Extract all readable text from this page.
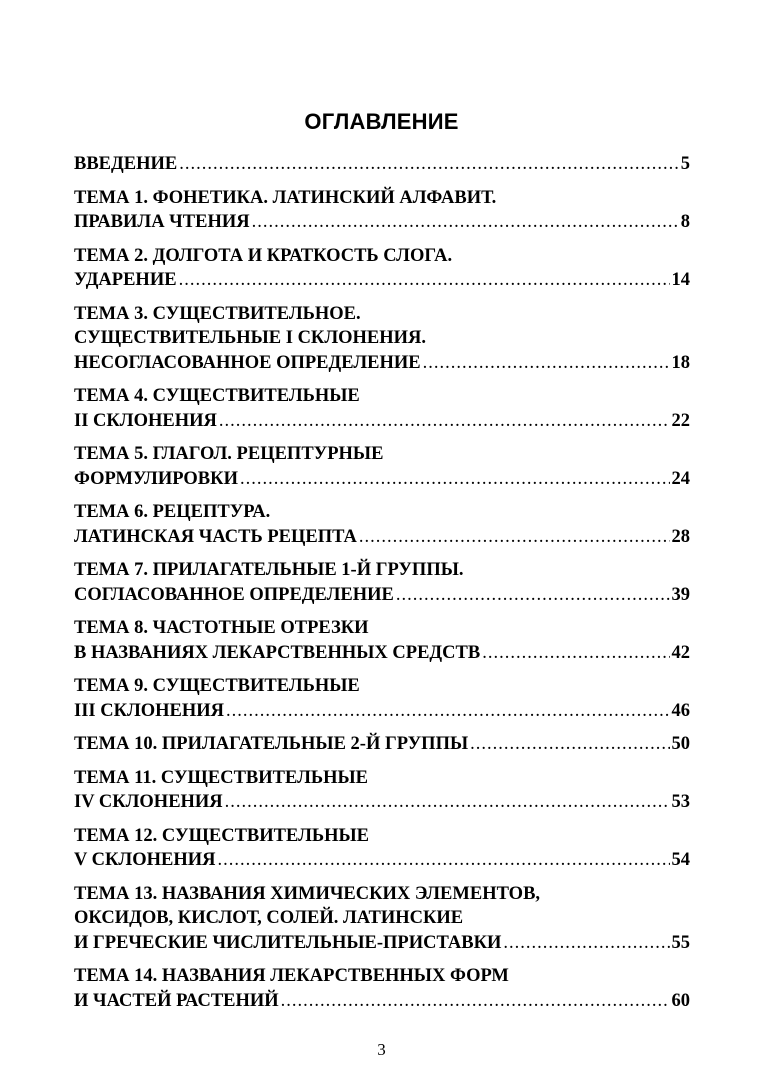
ОГЛАВЛЕНИЕ
ВВЕДЕНИЕ .....	5
ТЕМА 1. ФОНЕТИКА. ЛАТИНСКИЙ АЛФАВИТ.
ПРАВИЛА ЧТЕНИЯ .....	8
ТЕМА 2. ДОЛГОТА И КРАТКОСТЬ СЛОГА.
УДАРЕНИЕ .....	14
ТЕМА 3. СУЩЕСТВИТЕЛЬНОЕ.
СУЩЕСТВИТЕЛЬНЫЕ I СКЛОНЕНИЯ.
НЕСОГЛАСОВАННОЕ ОПРЕДЕЛЕНИЕ .....	18
ТЕМА 4. СУЩЕСТВИТЕЛЬНЫЕ
II СКЛОНЕНИЯ .....	22
ТЕМА 5. ГЛАГОЛ. РЕЦЕПТУРНЫЕ
ФОРМУЛИРОВКИ .....	24
ТЕМА 6. РЕЦЕПТУРА.
ЛАТИНСКАЯ ЧАСТЬ РЕЦЕПТА .....	28
ТЕМА 7. ПРИЛАГАТЕЛЬНЫЕ 1-Й ГРУППЫ.
СОГЛАСОВАННОЕ ОПРЕДЕЛЕНИЕ .....	39
ТЕМА 8. ЧАСТОТНЫЕ ОТРЕЗКИ
В НАЗВАНИЯХ ЛЕКАРСТВЕННЫХ СРЕДСТВ .....	42
ТЕМА 9. СУЩЕСТВИТЕЛЬНЫЕ
III СКЛОНЕНИЯ .....	46
ТЕМА 10. ПРИЛАГАТЕЛЬНЫЕ 2-Й ГРУППЫ .....	50
ТЕМА 11. СУЩЕСТВИТЕЛЬНЫЕ
IV СКЛОНЕНИЯ .....	53
ТЕМА 12. СУЩЕСТВИТЕЛЬНЫЕ
V СКЛОНЕНИЯ .....	54
ТЕМА 13. НАЗВАНИЯ ХИМИЧЕСКИХ ЭЛЕМЕНТОВ,
ОКСИДОВ, КИСЛОТ, СОЛЕЙ. ЛАТИНСКИЕ
И ГРЕЧЕСКИЕ ЧИСЛИТЕЛЬНЫЕ-ПРИСТАВКИ .....	55
ТЕМА 14. НАЗВАНИЯ ЛЕКАРСТВЕННЫХ ФОРМ
И ЧАСТЕЙ РАСТЕНИЙ .....	60
3
